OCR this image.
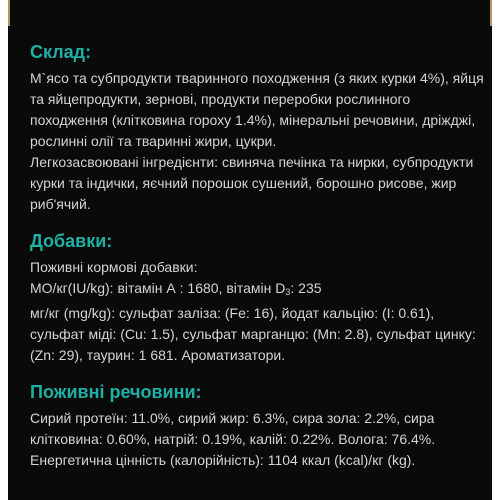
Склад:

М`ясо та субпродукти тваринного походження (з яких курки 4%), яйця та яйцепродукти, зернові, продукти переробки рослинного походження (клітковина гороху 1.4%), мінеральні речовини, дріжджі, рослинні олії та тваринні жири, цукри.

Легкозасвоювані інгредієнти: свиняча печінка та нирки, субпродукти курки та індички, яєчний порошок сушений, борошно рисове, жир риб'ячий.

Добавки:

Поживні кормові добавки:

МО/кг(IU/kg): вітамін А : 1680, вітамін $D_3$: 235

мг/кг (mg/kg): сульфат заліза: (Fe: 16), йодат кальцію: (I: 0.61), сульфат міді: (Cu: 1.5), сульфат марганцю: (Mn: 2.8), сульфат цинку: (Zn: 29), таурин: 1 681. Ароматизатори.

Поживні речовини:

Сирий протеїн: 11.0%, сирий жир: 6.3%, сира зола: 2.2%, сира клітковина: 0.60%, натрій: 0.19%, калій: 0.22%. Волога: 76.4%.

Енергетична цінність (калорійність): 1104 ккал (kcal)/кг (kg).
